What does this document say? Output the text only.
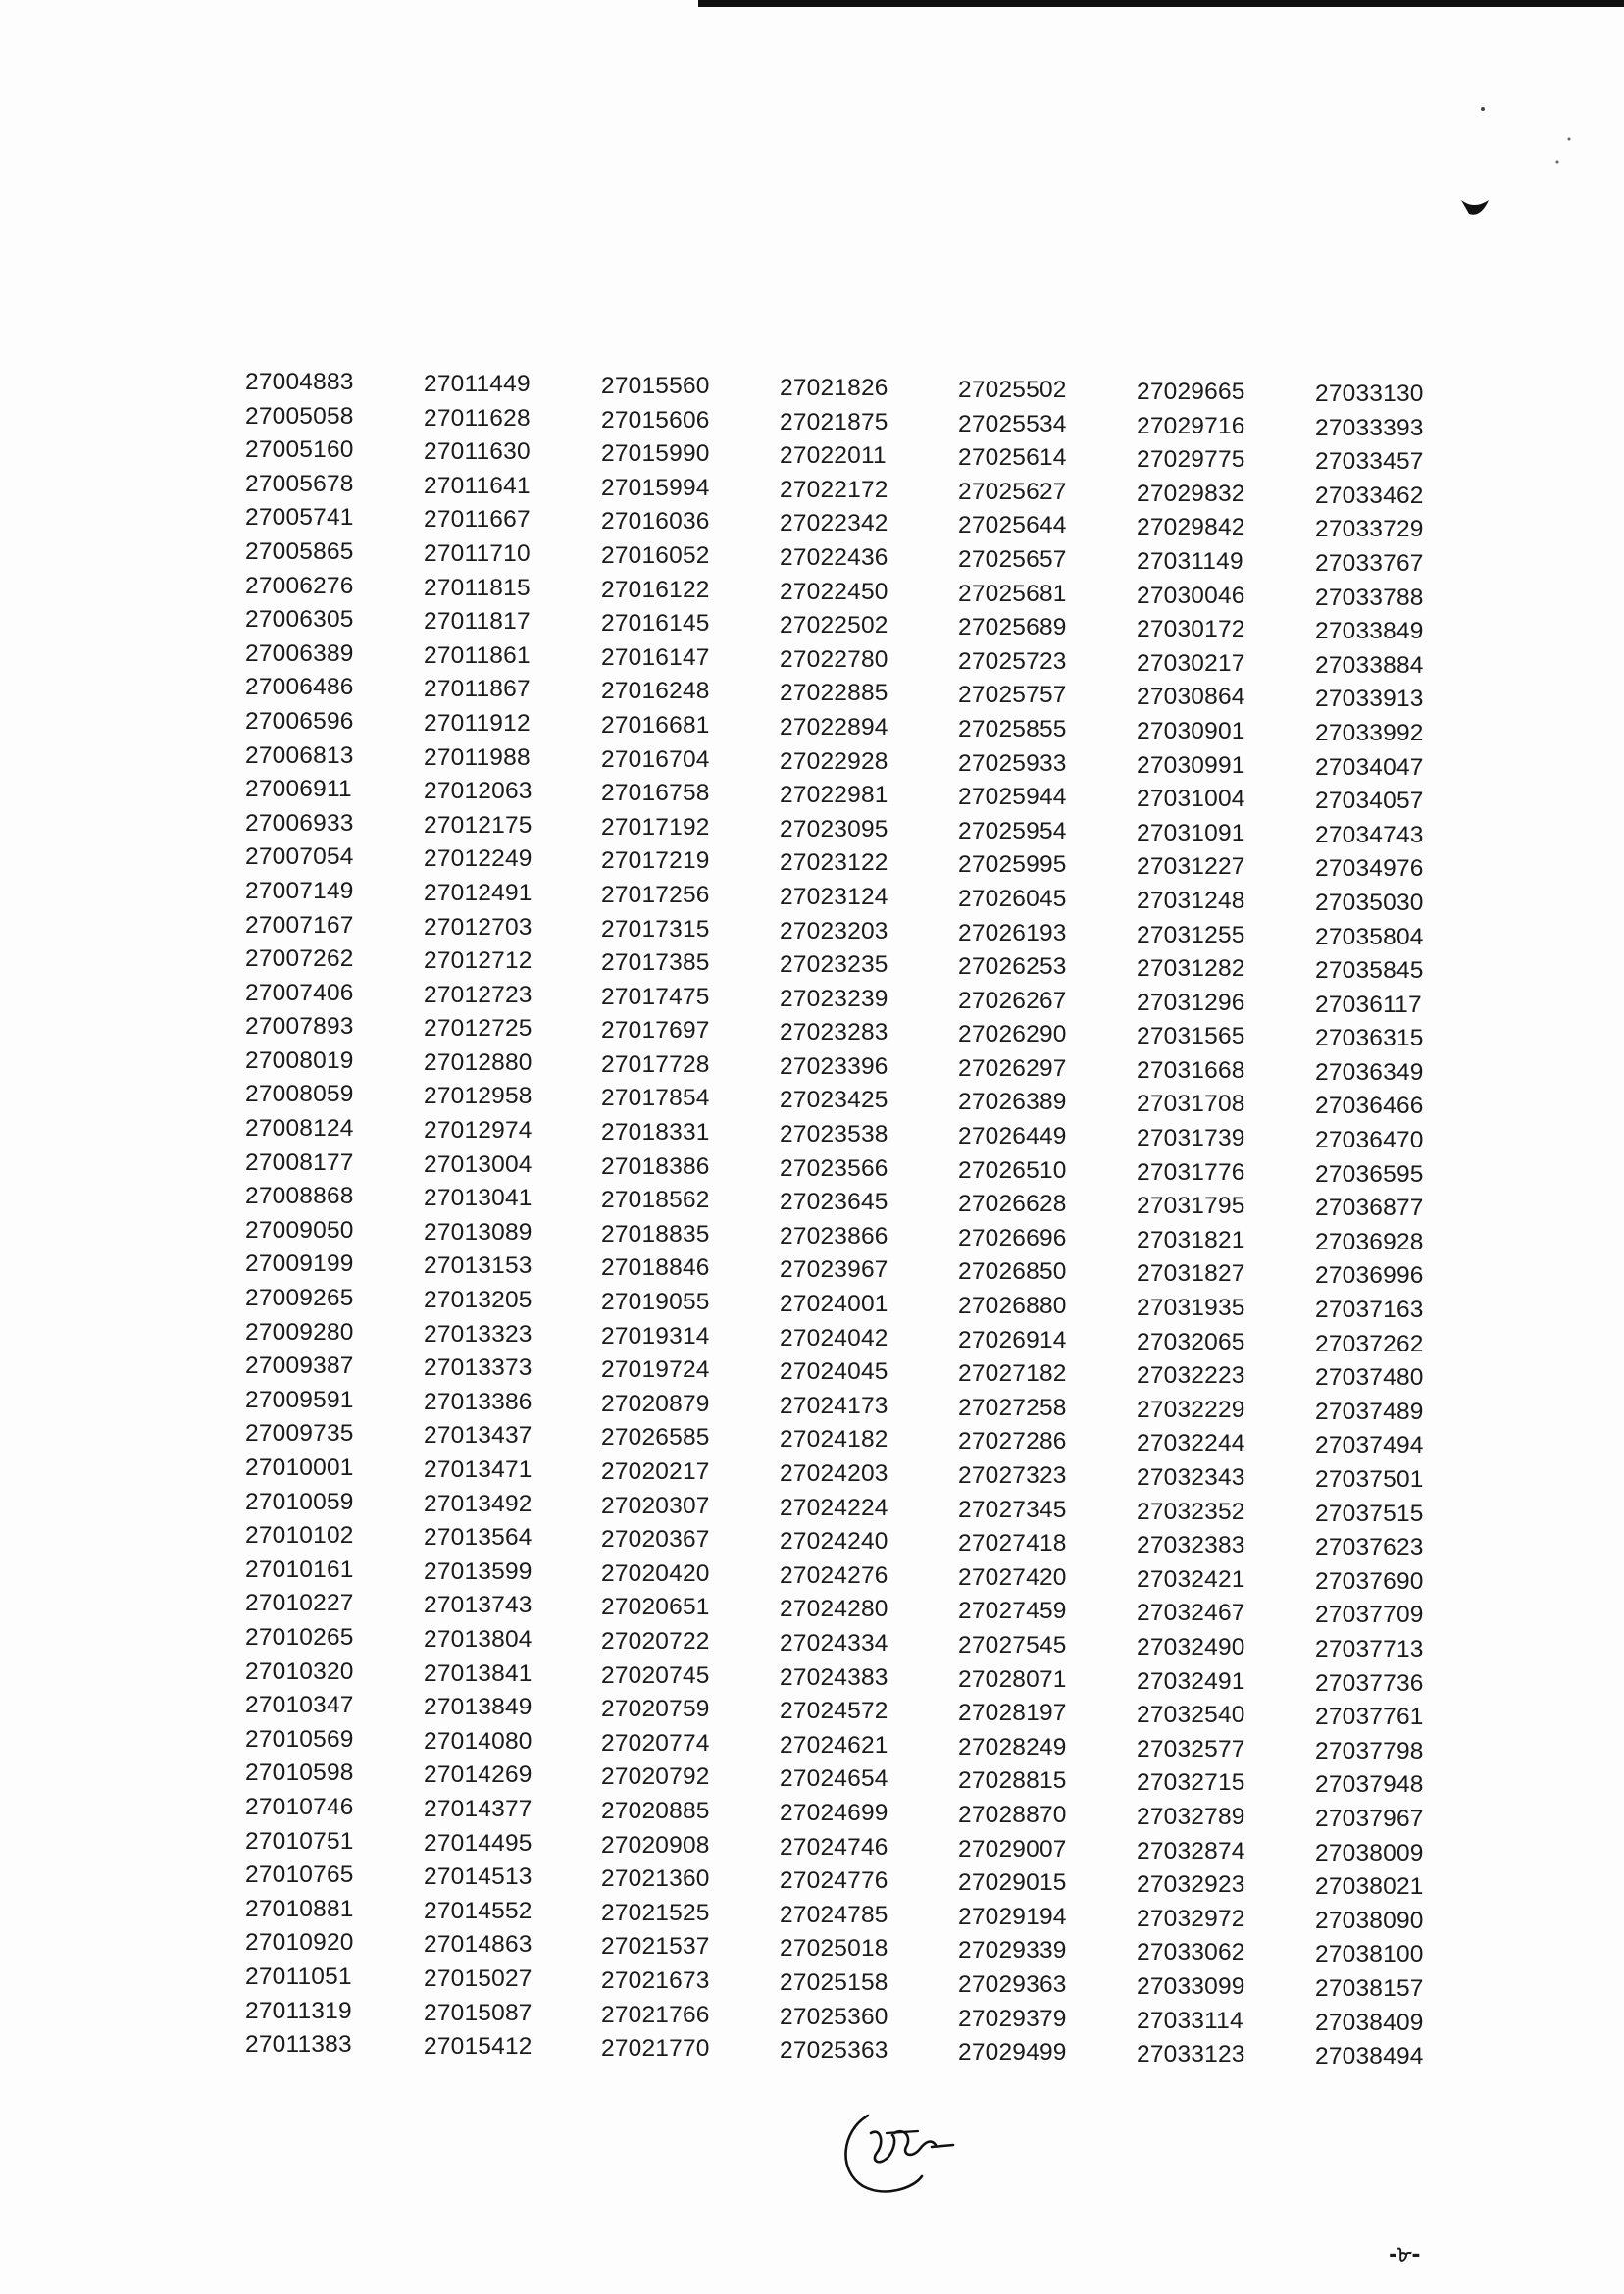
27004883
27005058
27005160
27005678
27005741
27005865
27006276
27006305
27006389
27006486
27006596
27006813
27006911
27006933
27007054
27007149
27007167
27007262
27007406
27007893
27008019
27008059
27008124
27008177
27008868
27009050
27009199
27009265
27009280
27009387
27009591
27009735
27010001
27010059
27010102
27010161
27010227
27010265
27010320
27010347
27010569
27010598
27010746
27010751
27010765
27010881
27010920
27011051
27011319
27011383
27011449
27011628
27011630
27011641
27011667
27011710
27011815
27011817
27011861
27011867
27011912
27011988
27012063
27012175
27012249
27012491
27012703
27012712
27012723
27012725
27012880
27012958
27012974
27013004
27013041
27013089
27013153
27013205
27013323
27013373
27013386
27013437
27013471
27013492
27013564
27013599
27013743
27013804
27013841
27013849
27014080
27014269
27014377
27014495
27014513
27014552
27014863
27015027
27015087
27015412
27015560
27015606
27015990
27015994
27016036
27016052
27016122
27016145
27016147
27016248
27016681
27016704
27016758
27017192
27017219
27017256
27017315
27017385
27017475
27017697
27017728
27017854
27018331
27018386
27018562
27018835
27018846
27019055
27019314
27019724
27020879
27026585
27020217
27020307
27020367
27020420
27020651
27020722
27020745
27020759
27020774
27020792
27020885
27020908
27021360
27021525
27021537
27021673
27021766
27021770
27021826
27021875
27022011
27022172
27022342
27022436
27022450
27022502
27022780
27022885
27022894
27022928
27022981
27023095
27023122
27023124
27023203
27023235
27023239
27023283
27023396
27023425
27023538
27023566
27023645
27023866
27023967
27024001
27024042
27024045
27024173
27024182
27024203
27024224
27024240
27024276
27024280
27024334
27024383
27024572
27024621
27024654
27024699
27024746
27024776
27024785
27025018
27025158
27025360
27025363
27025502
27025534
27025614
27025627
27025644
27025657
27025681
27025689
27025723
27025757
27025855
27025933
27025944
27025954
27025995
27026045
27026193
27026253
27026267
27026290
27026297
27026389
27026449
27026510
27026628
27026696
27026850
27026880
27026914
27027182
27027258
27027286
27027323
27027345
27027418
27027420
27027459
27027545
27028071
27028197
27028249
27028815
27028870
27029007
27029015
27029194
27029339
27029363
27029379
27029499
27029665
27029716
27029775
27029832
27029842
27031149
27030046
27030172
27030217
27030864
27030901
27030991
27031004
27031091
27031227
27031248
27031255
27031282
27031296
27031565
27031668
27031708
27031739
27031776
27031795
27031821
27031827
27031935
27032065
27032223
27032229
27032244
27032343
27032352
27032383
27032421
27032467
27032490
27032491
27032540
27032577
27032715
27032789
27032874
27032923
27032972
27033062
27033099
27033114
27033123
27033130
27033393
27033457
27033462
27033729
27033767
27033788
27033849
27033884
27033913
27033992
27034047
27034057
27034743
27034976
27035030
27035804
27035845
27036117
27036315
27036349
27036466
27036470
27036595
27036877
27036928
27036996
27037163
27037262
27037480
27037489
27037494
27037501
27037515
27037623
27037690
27037709
27037713
27037736
27037761
27037798
27037948
27037967
27038009
27038021
27038090
27038100
27038157
27038409
27038494
-৮-
